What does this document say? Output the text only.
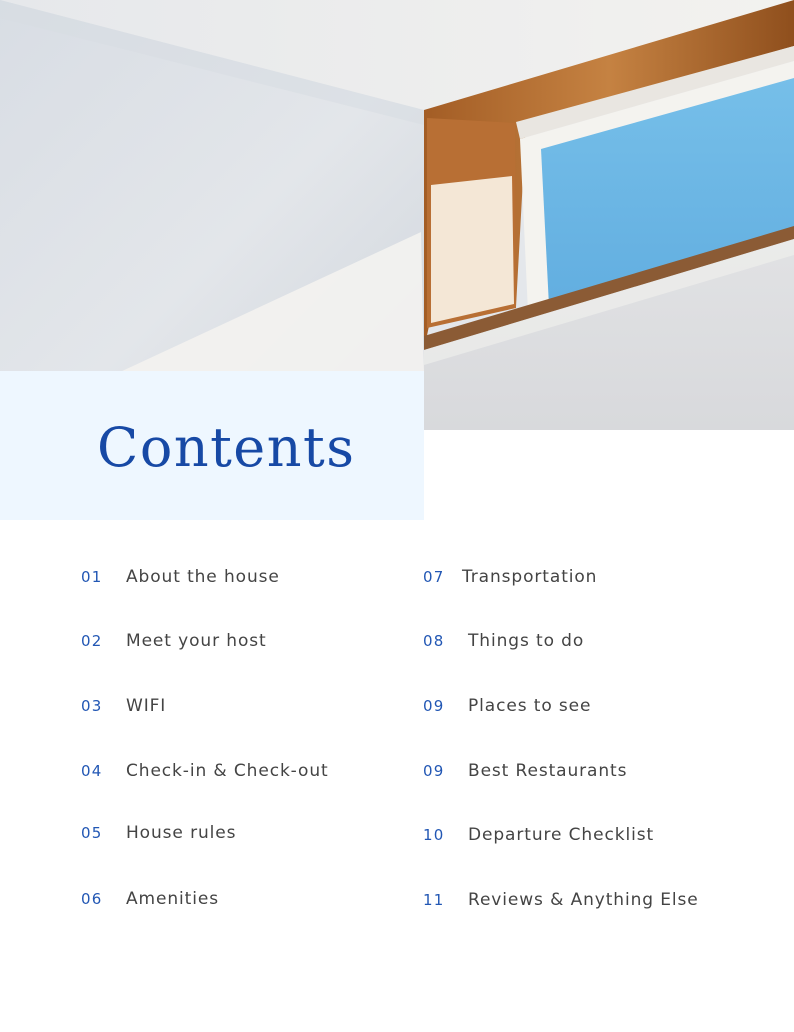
Contents
01 About the house
02 Meet your host
03 WIFI
04 Check-in & Check-out
05 House rules
06 Amenities
07 Transportation
08 Things to do
09 Places to see
09 Best Restaurants
10 Departure Checklist
11 Reviews & Anything Else
